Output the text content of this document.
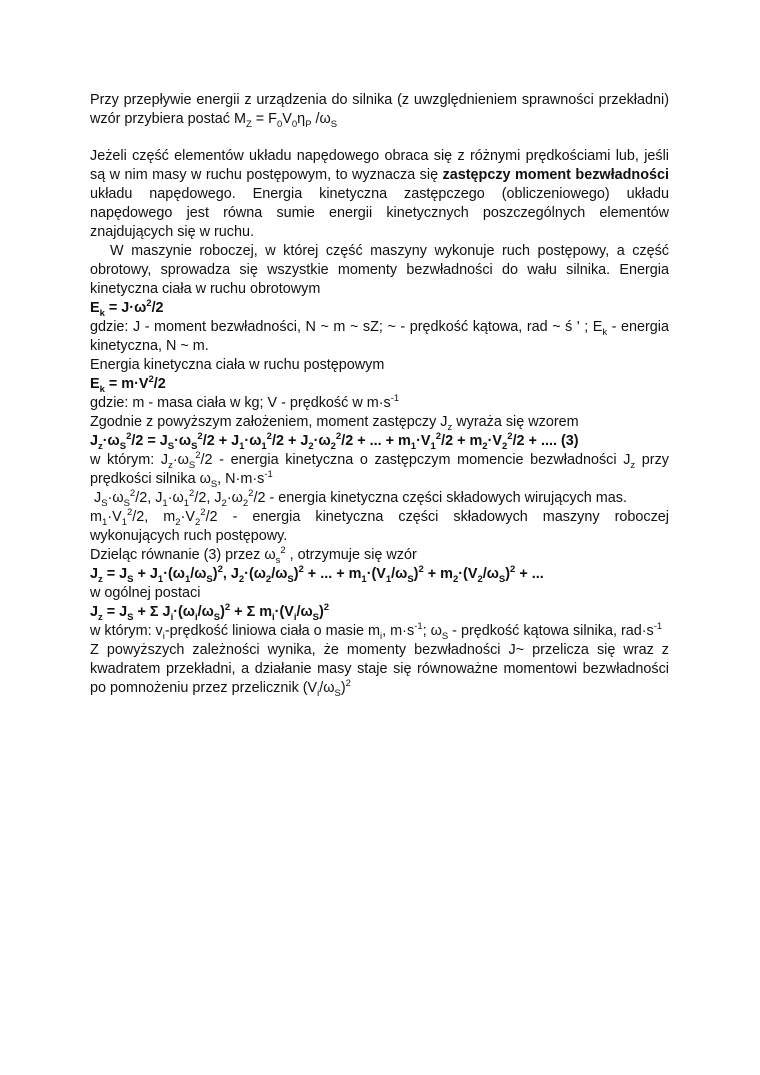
Przy przepływie energii z urządzenia do silnika (z uwzględnieniem sprawności przekładni) wzór przybiera postać $M_Z = F_0V_0\eta_P$ $/\omega_S$

Jeżeli część elementów układu napędowego obraca się z różnymi prędkościami lub, jeśli są w nim masy w ruchu postępowym, to wyznacza się zastępczy moment bezwładności układu napędowego. Energia kinetyczna zastępczego (obliczeniowego) układu napędowego jest równa sumie energii kinetycznych poszczególnych elementów znajdujących się w ruchu.

W maszynie roboczej, w której część maszyny wykonuje ruch postępowy, a część obrotowy, sprowadza się wszystkie momenty bezwładności do wału silnika. Energia kinetyczna ciała w ruchu obrotowym

$E_k = J\cdot\omega^2/2$

gdzie: J - moment bezwładności, N ~ m ~ sZ; ~ - prędkość kątowa, rad ~ ś ' ; $E_k$ - energia kinetyczna, N ~ m.

Energia kinetyczna ciała w ruchu postępowym

$E_k = m\cdot V^2/2$

gdzie: m - masa ciała w kg; V - prędkość w $m\cdot s^{-1}$

Zgodnie z powyższym założeniem, moment zastępczy $J_z$ wyraża się wzorem

$J_z\cdot\omega_S^2/2 = J_S\cdot\omega_S^2/2 + J_1\cdot\omega_1^2/2 + J_2\cdot\omega_2^2/2$ + ... + $m_1\cdot V_1^2/2 + m_2\cdot V_2^2/2$ + .... (3)

w którym: $J_z\cdot\omega_S^2/2$ - energia kinetyczna o zastępczym momencie bezwładności $J_z$ przy prędkości silnika $\omega_S$, $N\cdot m\cdot s^{-1}$

$J_S\cdot\omega_S^2/2$, $J_1\cdot\omega_1^2/2$, $J_2\cdot\omega_2^2/2$ - energia kinetyczna części składowych wirujących mas.

$m_1\cdot V_1^2/2$, $m_2\cdot V_2^2/2$ - energia kinetyczna części składowych maszyny roboczej wykonujących ruch postępowy.

Dzieląc równanie (3) przez $\omega_s^2$ , otrzymuje się wzór

$J_z = J_S + J_1\cdot(\omega_1/\omega_S)^2$, $J_2\cdot(\omega_2/\omega_S)^2$ + ... + $m_1\cdot(V_1/\omega_S)^2 + m_2\cdot(V_2/\omega_S)^2$ + ...

w ogólnej postaci

$J_z = J_S + \Sigma$ $J_i\cdot(\omega_i/\omega_S)^2 + \Sigma$ $m_i\cdot(V_i/\omega_S)^2$

w którym: $v_i$-prędkość liniowa ciała o masie $m_i$, $m\cdot s^{-1}$; $\omega_S$ - prędkość kątowa silnika, $rad\cdot s^{-1}$

Z powyższych zależności wynika, że momenty bezwładności J~ przelicza się wraz z kwadratem przekładni, a działanie masy staje się równoważne momentowi bezwładności po pomnożeniu przez przelicznik $(V_i/\omega_S)^2$
